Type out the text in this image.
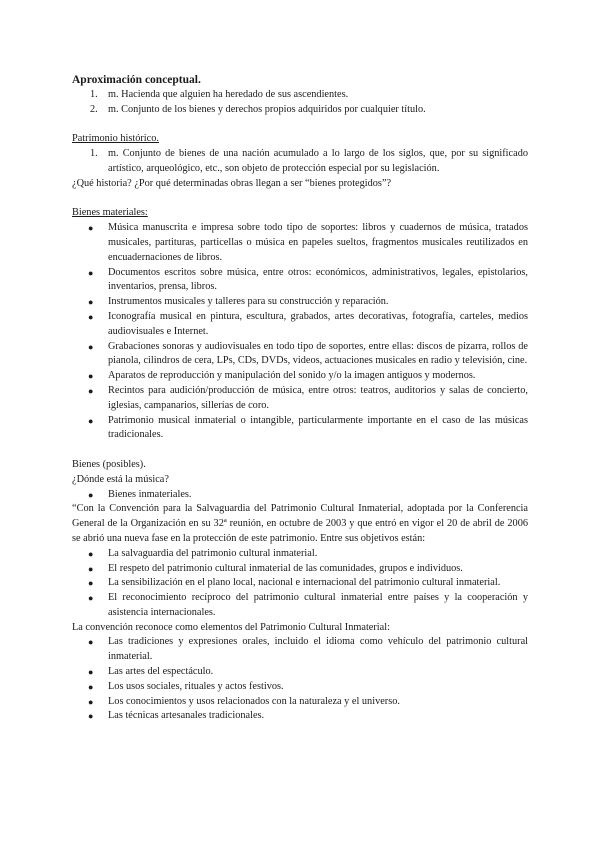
Aproximación conceptual.

1. m. Hacienda que alguien ha heredado de sus ascendientes.
2. m. Conjunto de los bienes y derechos propios adquiridos por cualquier título.

Patrimonio histórico.

1. m. Conjunto de bienes de una nación acumulado a lo largo de los siglos, que, por su significado artístico, arqueológico, etc., son objeto de protección especial por su legislación.

¿Qué historia? ¿Por qué determinadas obras llegan a ser “bienes protegidos”?

Bienes materiales:

● Música manuscrita e impresa sobre todo tipo de soportes: libros y cuadernos de música, tratados musicales, partituras, particellas o música en papeles sueltos, fragmentos musicales reutilizados en encuadernaciones de libros.
● Documentos escritos sobre música, entre otros: económicos, administrativos, legales, epistolarios, inventarios, prensa, libros.
● Instrumentos musicales y talleres para su construcción y reparación.
● Iconografía musical en pintura, escultura, grabados, artes decorativas, fotografía, carteles, medios audiovisuales e Internet.
● Grabaciones sonoras y audiovisuales en todo tipo de soportes, entre ellas: discos de pizarra, rollos de pianola, cilindros de cera, LPs, CDs, DVDs, videos, actuaciones musicales en radio y televisión, cine.
● Aparatos de reproducción y manipulación del sonido y/o la imagen antiguos y modernos.
● Recintos para audición/producción de música, entre otros: teatros, auditorios y salas de concierto, iglesias, campanarios, sillerías de coro.
● Patrimonio musical inmaterial o intangible, particularmente importante en el caso de las músicas tradicionales.

Bienes (posibles).

¿Dónde está la música?

● Bienes inmateriales.

“Con la Convención para la Salvaguardia del Patrimonio Cultural Inmaterial, adoptada por la Conferencia General de la Organización en su 32ª reunión, en octubre de 2003 y que entró en vigor el 20 de abril de 2006 se abrió una nueva fase en la protección de este patrimonio. Entre sus objetivos están:

● La salvaguardia del patrimonio cultural inmaterial.
● El respeto del patrimonio cultural inmaterial de las comunidades, grupos e individuos.
● La sensibilización en el plano local, nacional e internacional del patrimonio cultural inmaterial.
● El reconocimiento recíproco del patrimonio cultural inmaterial entre países y la cooperación y asistencia internacionales.

La convención reconoce como elementos del Patrimonio Cultural Inmaterial:

● Las tradiciones y expresiones orales, incluido el idioma como vehículo del patrimonio cultural inmaterial.
● Las artes del espectáculo.
● Los usos sociales, rituales y actos festivos.
● Los conocimientos y usos relacionados con la naturaleza y el universo.
● Las técnicas artesanales tradicionales.
